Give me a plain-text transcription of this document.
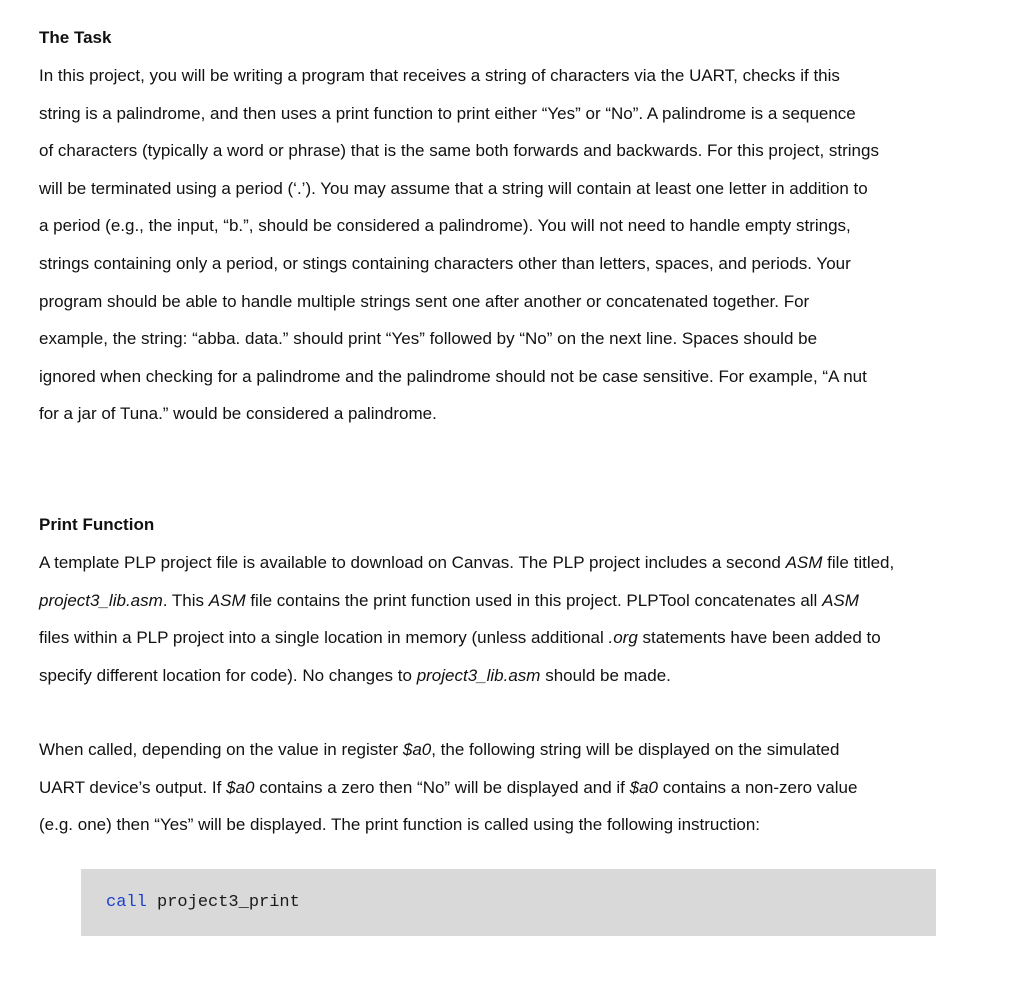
The Task
In this project, you will be writing a program that receives a string of characters via the UART, checks if this
string is a palindrome, and then uses a print function to print either “Yes” or “No”. A palindrome is a sequence
of characters (typically a word or phrase) that is the same both forwards and backwards. For this project, strings
will be terminated using a period (‘.’). You may assume that a string will contain at least one letter in addition to
a period (e.g., the input, “b.”, should be considered a palindrome). You will not need to handle empty strings,
strings containing only a period, or stings containing characters other than letters, spaces, and periods. Your
program should be able to handle multiple strings sent one after another or concatenated together. For
example, the string: “abba. data.” should print “Yes” followed by “No” on the next line. Spaces should be
ignored when checking for a palindrome and the palindrome should not be case sensitive. For example, “A nut
for a jar of Tuna.” would be considered a palindrome.
Print Function
A template PLP project file is available to download on Canvas. The PLP project includes a second ASM file titled,
project3_lib.asm. This ASM file contains the print function used in this project. PLPTool concatenates all ASM
files within a PLP project into a single location in memory (unless additional .org statements have been added to
specify different location for code). No changes to project3_lib.asm should be made.
When called, depending on the value in register $a0, the following string will be displayed on the simulated
UART device’s output. If $a0 contains a zero then “No” will be displayed and if $a0 contains a non-zero value
(e.g. one) then “Yes” will be displayed. The print function is called using the following instruction:
call project3_print
